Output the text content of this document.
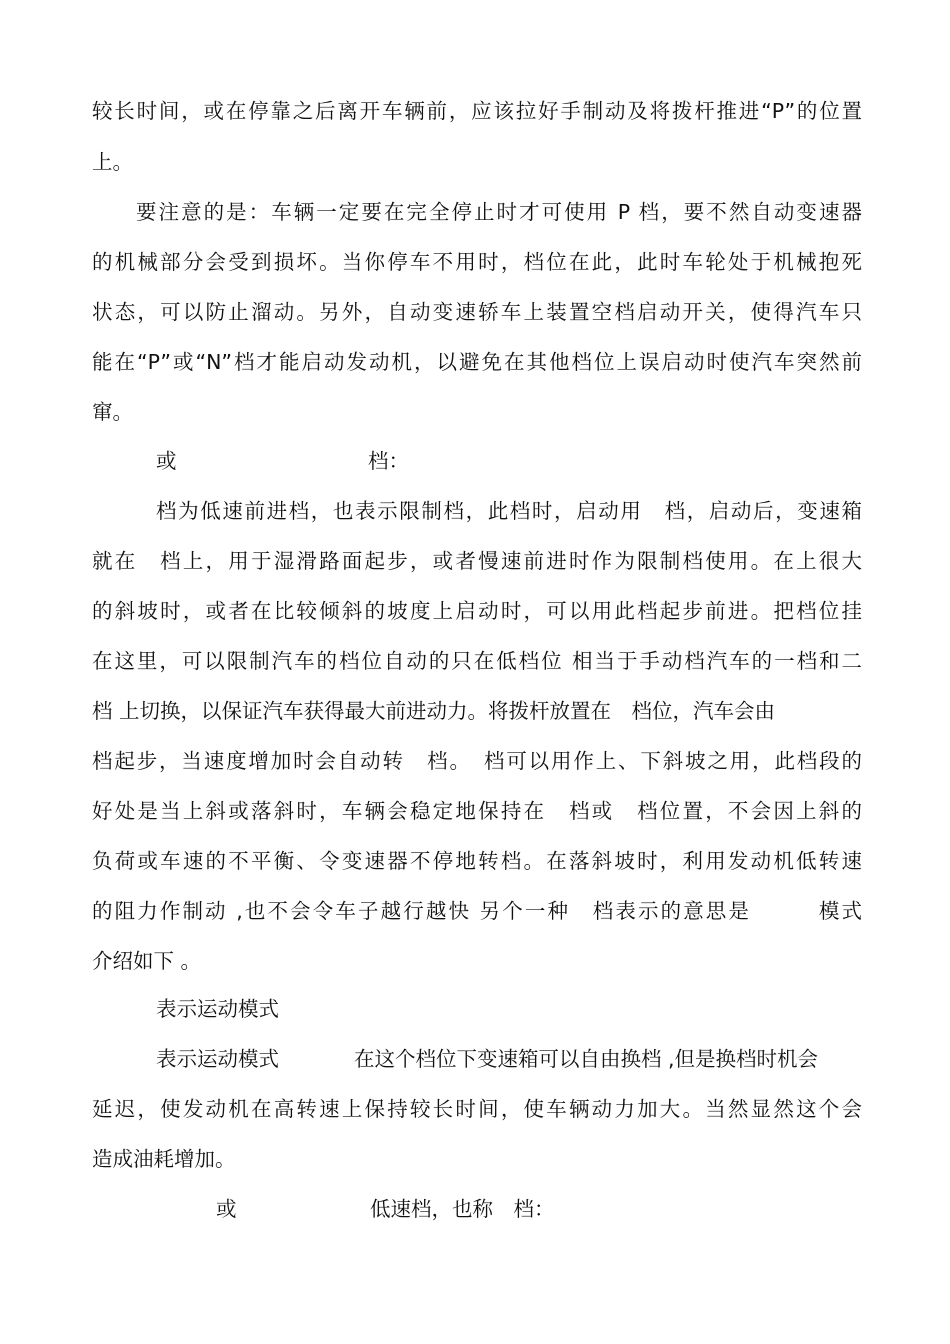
较长时间，或在停靠之后离开车辆前，应该拉好手制动及将拨杆推进“P”的位置
上。
要注意的是：车辆一定要在完全停止时才可使用 P 档，要不然自动变速器
的机械部分会受到损坏。当你停车不用时，档位在此，此时车轮处于机械抱死
状态，可以防止溜动。另外，自动变速轿车上装置空档启动开关，使得汽车只
能在“P”或“N”档才能启动发动机，以避免在其他档位上误启动时使汽车突然前
窜。
或	档：
档为低速前进档，也表示限制档，此档时，启动用　档，启动后，变速箱
就在　档上，用于湿滑路面起步，或者慢速前进时作为限制档使用。在上很大
的斜坡时，或者在比较倾斜的坡度上启动时，可以用此档起步前进。把档位挂
在这里，可以限制汽车的档位自动的只在低档位 相当于手动档汽车的一档和二
档 上切换，以保证汽车获得最大前进动力。将拨杆放置在　档位，汽车会由
档起步，当速度增加时会自动转　档。　档可以用作上、下斜坡之用，此档段的
好处是当上斜或落斜时，车辆会稳定地保持在　档或　档位置，不会因上斜的
负荷或车速的不平衡、令变速器不停地转档。在落斜坡时，利用发动机低转速
的阻力作制动 ,也不会令车子越行越快 另个一种　档表示的意思是　　　模式
介绍如下 。
表示运动模式
表示运动模式	在这个档位下变速箱可以自由换档 ,但是换档时机会
延迟，使发动机在高转速上保持较长时间，使车辆动力加大。当然显然这个会
造成油耗增加。
或	低速档，也称　档：
